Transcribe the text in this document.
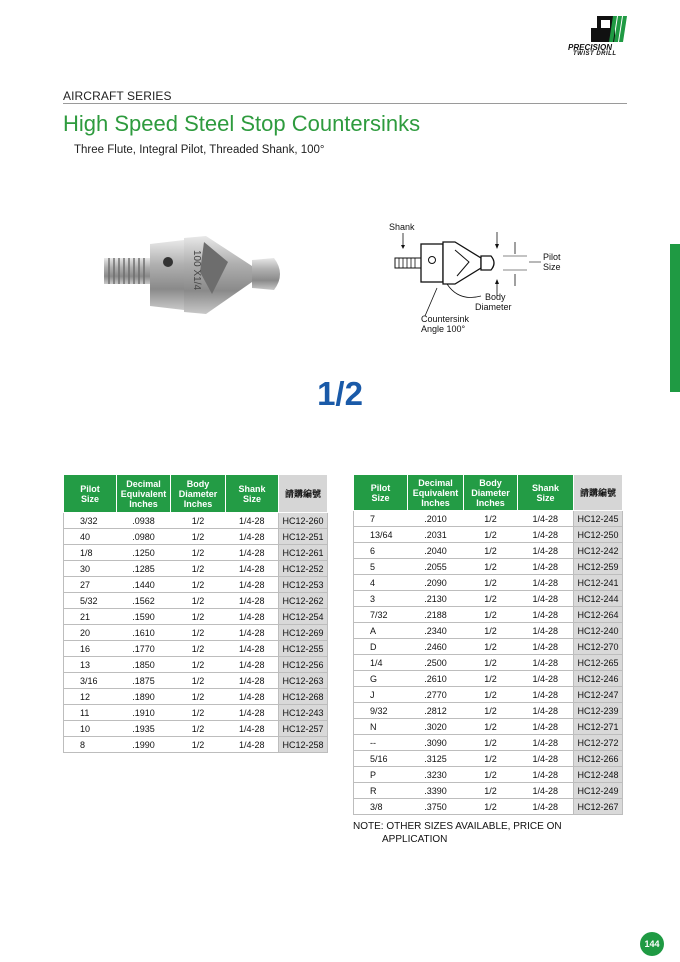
PRECISION
TWIST DRILL
AIRCRAFT SERIES
High Speed Steel Stop Countersinks
Three Flute, Integral Pilot, Threaded Shank, 100°
100 X1/4
Shank
Pilot
Size
Body
Diameter
Countersink
Angle 100°
1/2
Pilot
Size	Decimal
Equivalent
Inches	Body
Diameter
Inches	Shank
Size	請購編號
3/32	.0938	1/2	1/4-28	HC12-260
40	.0980	1/2	1/4-28	HC12-251
1/8	.1250	1/2	1/4-28	HC12-261
30	.1285	1/2	1/4-28	HC12-252
27	.1440	1/2	1/4-28	HC12-253
5/32	.1562	1/2	1/4-28	HC12-262
21	.1590	1/2	1/4-28	HC12-254
20	.1610	1/2	1/4-28	HC12-269
16	.1770	1/2	1/4-28	HC12-255
13	.1850	1/2	1/4-28	HC12-256
3/16	.1875	1/2	1/4-28	HC12-263
12	.1890	1/2	1/4-28	HC12-268
11	.1910	1/2	1/4-28	HC12-243
10	.1935	1/2	1/4-28	HC12-257
8	.1990	1/2	1/4-28	HC12-258
Pilot
Size	Decimal
Equivalent
Inches	Body
Diameter
Inches	Shank
Size	請購編號
7	.2010	1/2	1/4-28	HC12-245
13/64	.2031	1/2	1/4-28	HC12-250
6	.2040	1/2	1/4-28	HC12-242
5	.2055	1/2	1/4-28	HC12-259
4	.2090	1/2	1/4-28	HC12-241
3	.2130	1/2	1/4-28	HC12-244
7/32	.2188	1/2	1/4-28	HC12-264
A	.2340	1/2	1/4-28	HC12-240
D	.2460	1/2	1/4-28	HC12-270
1/4	.2500	1/2	1/4-28	HC12-265
G	.2610	1/2	1/4-28	HC12-246
J	.2770	1/2	1/4-28	HC12-247
9/32	.2812	1/2	1/4-28	HC12-239
N	.3020	1/2	1/4-28	HC12-271
--	.3090	1/2	1/4-28	HC12-272
5/16	.3125	1/2	1/4-28	HC12-266
P	.3230	1/2	1/4-28	HC12-248
R	.3390	1/2	1/4-28	HC12-249
3/8	.3750	1/2	1/4-28	HC12-267
NOTE: OTHER SIZES AVAILABLE, PRICE ON
APPLICATION
144
